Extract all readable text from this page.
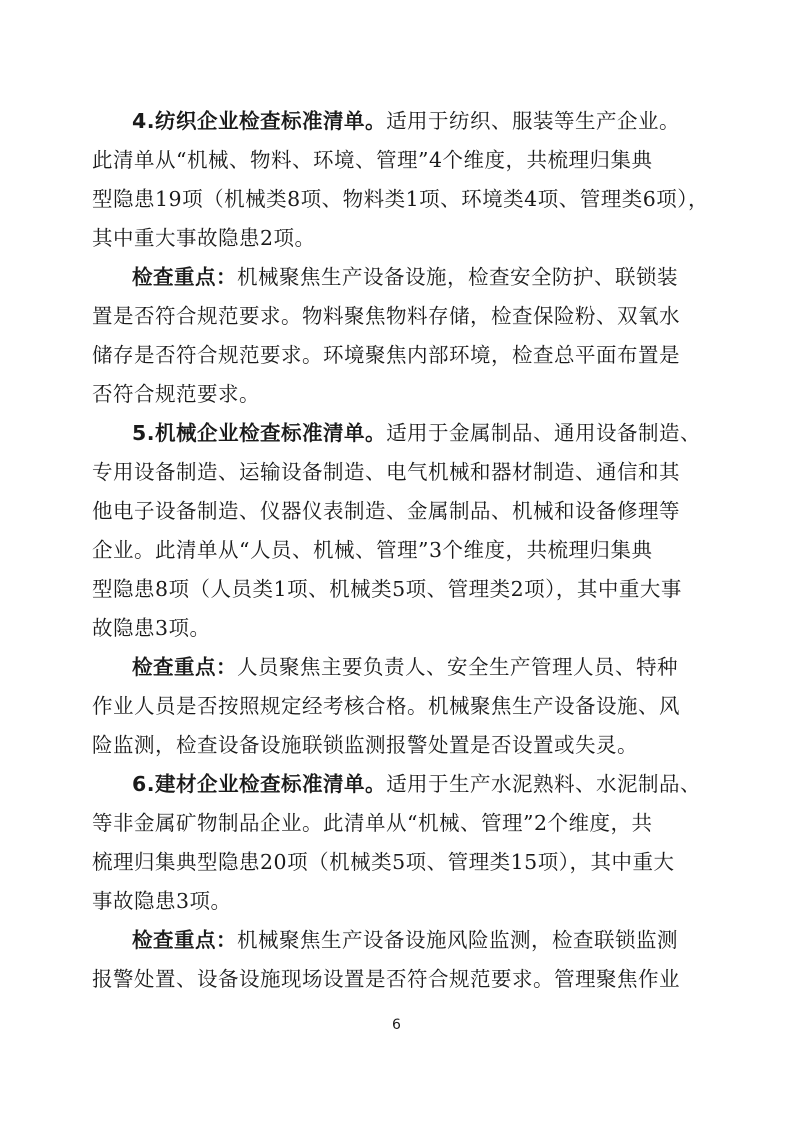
4.纺织企业检查标准清单。适用于纺织、服装等生产企业。
此清单从“机械、物料、环境、管理”4个维度，共梳理归集典
型隐患19项（机械类8项、物料类1项、环境类4项、管理类6项），
其中重大事故隐患2项。
检查重点：机械聚焦生产设备设施，检查安全防护、联锁装
置是否符合规范要求。物料聚焦物料存储，检查保险粉、双氧水
储存是否符合规范要求。环境聚焦内部环境，检查总平面布置是
否符合规范要求。
5.机械企业检查标准清单。适用于金属制品、通用设备制造、
专用设备制造、运输设备制造、电气机械和器材制造、通信和其
他电子设备制造、仪器仪表制造、金属制品、机械和设备修理等
企业。此清单从“人员、机械、管理”3个维度，共梳理归集典
型隐患8项（人员类1项、机械类5项、管理类2项），其中重大事
故隐患3项。
检查重点：人员聚焦主要负责人、安全生产管理人员、特种
作业人员是否按照规定经考核合格。机械聚焦生产设备设施、风
险监测，检查设备设施联锁监测报警处置是否设置或失灵。
6.建材企业检查标准清单。适用于生产水泥熟料、水泥制品、
等非金属矿物制品企业。此清单从“机械、管理”2个维度，共
梳理归集典型隐患20项（机械类5项、管理类15项），其中重大
事故隐患3项。
检查重点：机械聚焦生产设备设施风险监测，检查联锁监测
报警处置、设备设施现场设置是否符合规范要求。管理聚焦作业
6
